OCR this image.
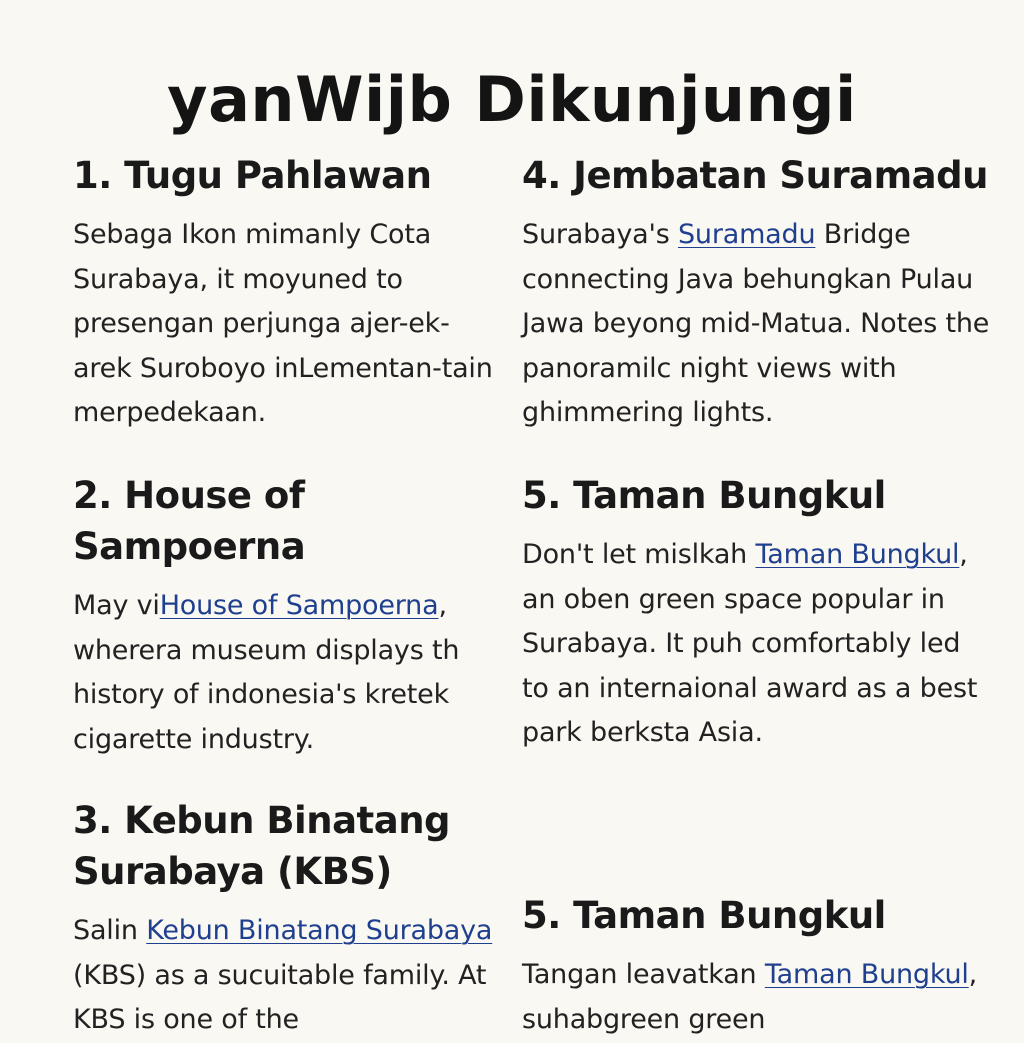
yanWijb Dikunjungi
1. Tugu Pahlawan

Sebaga Ikon mimanly Cota Surabaya, it moyuned to presengan perjunga ajer-ek-arek Suroboyo inLementan-tain merpedekaan.

2. House of Sampoerna

May viHouse of Sampoerna, wherera museum displays th history of indonesia's kretek cigarette industry.

3. Kebun Binatang Surabaya (KBS)

Salin Kebun Binatang Surabaya (KBS) as a sucuitable family. At KBS is one of the

4. Jembatan Suramadu

Surabaya's Suramadu Bridge connecting Java behungkan Pulau Jawa beyong mid-Matua. Notes the panoramilc night views with ghimmering lights.

5. Taman Bungkul

Don't let mislkah Taman Bungkul, an oben green space popular in Surabaya. It puh comfortably led to an internaional award as a best park berksta Asia.

5. Taman Bungkul

Tangan leavatkan Taman Bungkul, suhabgreen green
